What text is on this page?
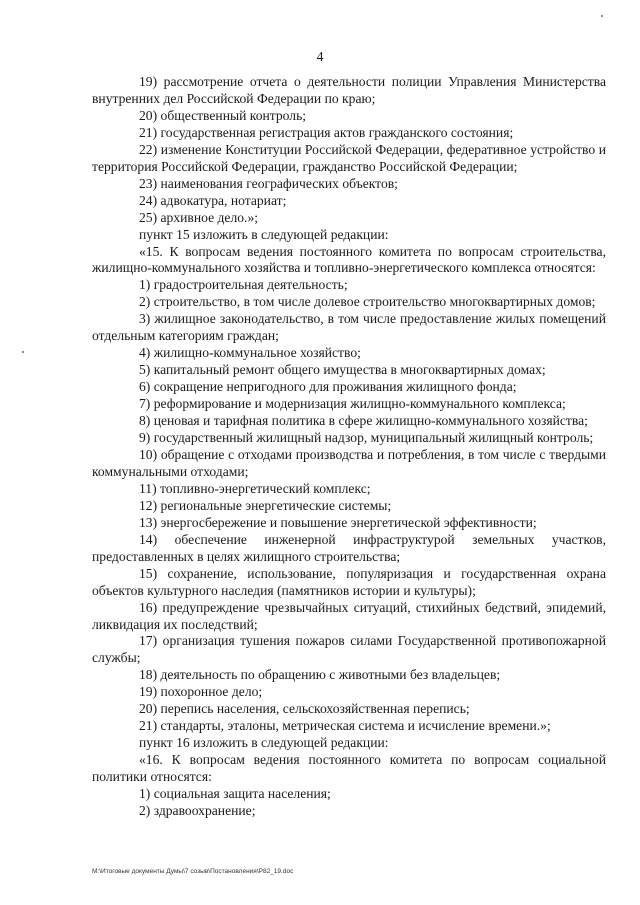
4

19) рассмотрение отчета о деятельности полиции Управления Министерства внутренних дел Российской Федерации по краю;

20) общественный контроль;

21) государственная регистрация актов гражданского состояния;

22) изменение Конституции Российской Федерации, федеративное устройство и территория Российской Федерации, гражданство Российской Федерации;

23) наименования географических объектов;

24) адвокатура, нотариат;

25) архивное дело.»;

пункт 15 изложить в следующей редакции:

«15. К вопросам ведения постоянного комитета по вопросам строительства, жилищно-коммунального хозяйства и топливно-энергетического комплекса относятся:

1) градостроительная деятельность;

2) строительство, в том числе долевое строительство многоквартирных домов;

3) жилищное законодательство, в том числе предоставление жилых помещений отдельным категориям граждан;

4) жилищно-коммунальное хозяйство;

5) капитальный ремонт общего имущества в многоквартирных домах;

6) сокращение непригодного для проживания жилищного фонда;

7) реформирование и модернизация жилищно-коммунального комплекса;

8) ценовая и тарифная политика в сфере жилищно-коммунального хозяйства;

9) государственный жилищный надзор, муниципальный жилищный контроль;

10) обращение с отходами производства и потребления, в том числе с твердыми коммунальными отходами;

11) топливно-энергетический комплекс;

12) региональные энергетические системы;

13) энергосбережение и повышение энергетической эффективности;

14) обеспечение инженерной инфраструктурой земельных участков, предоставленных в целях жилищного строительства;

15) сохранение, использование, популяризация и государственная охрана объектов культурного наследия (памятников истории и культуры);

16) предупреждение чрезвычайных ситуаций, стихийных бедствий, эпидемий, ликвидация их последствий;

17) организация тушения пожаров силами Государственной противопожарной службы;

18) деятельность по обращению с животными без владельцев;

19) похоронное дело;

20) перепись населения, сельскохозяйственная перепись;

21) стандарты, эталоны, метрическая система и исчисление времени.»;

пункт 16 изложить в следующей редакции:

«16. К вопросам ведения постоянного комитета по вопросам социальной политики относятся:

1) социальная защита населения;

2) здравоохранение;

M:\Итоговые документы Думы\7 созыв\Постановления\Р82_19.doc
